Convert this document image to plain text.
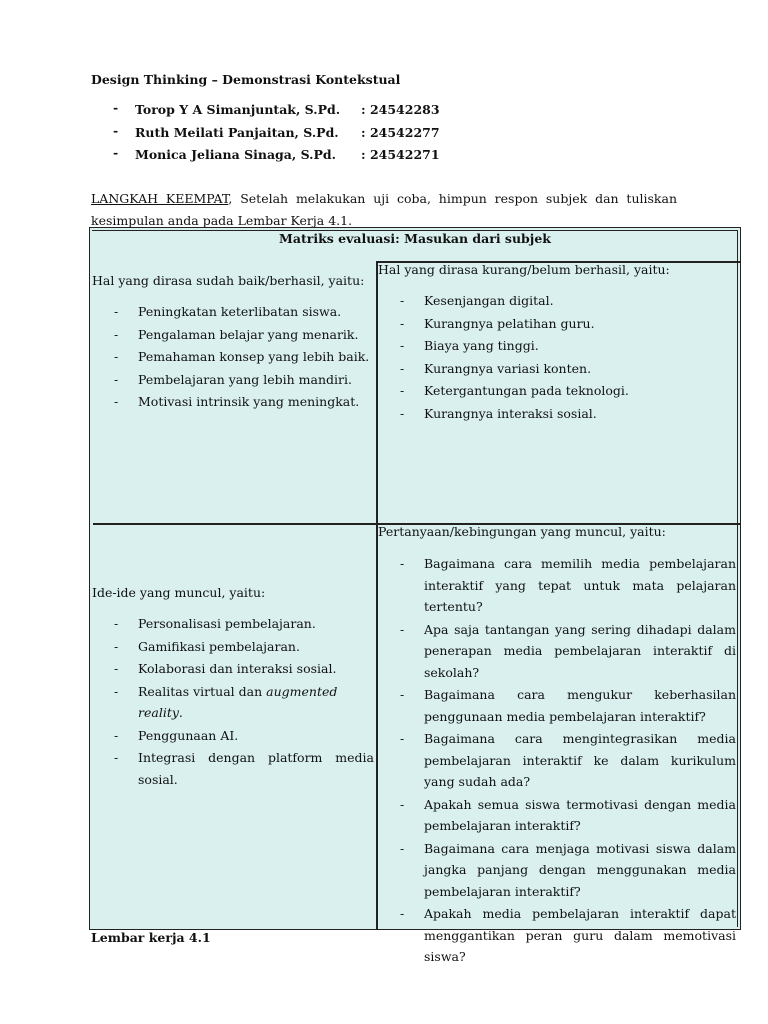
Design Thinking – Demonstrasi Kontekstual
- Torop Y A Simanjuntak, S.Pd. : 24542283
- Ruth Meilati Panjaitan, S.Pd. : 24542277
- Monica Jeliana Sinaga, S.Pd. : 24542271

LANGKAH KEEMPAT, Setelah melakukan uji coba, himpun respon subjek dan tuliskan kesimpulan anda pada Lembar Kerja 4.1.

Matriks evaluasi: Masukan dari subjek
Hal yang dirasa sudah baik/berhasil, yaitu:
- Peningkatan keterlibatan siswa.
- Pengalaman belajar yang menarik.
- Pemahaman konsep yang lebih baik.
- Pembelajaran yang lebih mandiri.
- Motivasi intrinsik yang meningkat.
Hal yang dirasa kurang/belum berhasil, yaitu:
- Kesenjangan digital.
- Kurangnya pelatihan guru.
- Biaya yang tinggi.
- Kurangnya variasi konten.
- Ketergantungan pada teknologi.
- Kurangnya interaksi sosial.
Ide-ide yang muncul, yaitu:
- Personalisasi pembelajaran.
- Gamifikasi pembelajaran.
- Kolaborasi dan interaksi sosial.
- Realitas virtual dan augmented reality.
- Penggunaan AI.
- Integrasi dengan platform media sosial.
Pertanyaan/kebingungan yang muncul, yaitu:
- Bagaimana cara memilih media pembelajaran interaktif yang tepat untuk mata pelajaran tertentu?
- Apa saja tantangan yang sering dihadapi dalam penerapan media pembelajaran interaktif di sekolah?
- Bagaimana cara mengukur keberhasilan penggunaan media pembelajaran interaktif?
- Bagaimana cara mengintegrasikan media pembelajaran interaktif ke dalam kurikulum yang sudah ada?
- Apakah semua siswa termotivasi dengan media pembelajaran interaktif?
- Bagaimana cara menjaga motivasi siswa dalam jangka panjang dengan menggunakan media pembelajaran interaktif?
- Apakah media pembelajaran interaktif dapat menggantikan peran guru dalam memotivasi siswa?
Lembar kerja 4.1
